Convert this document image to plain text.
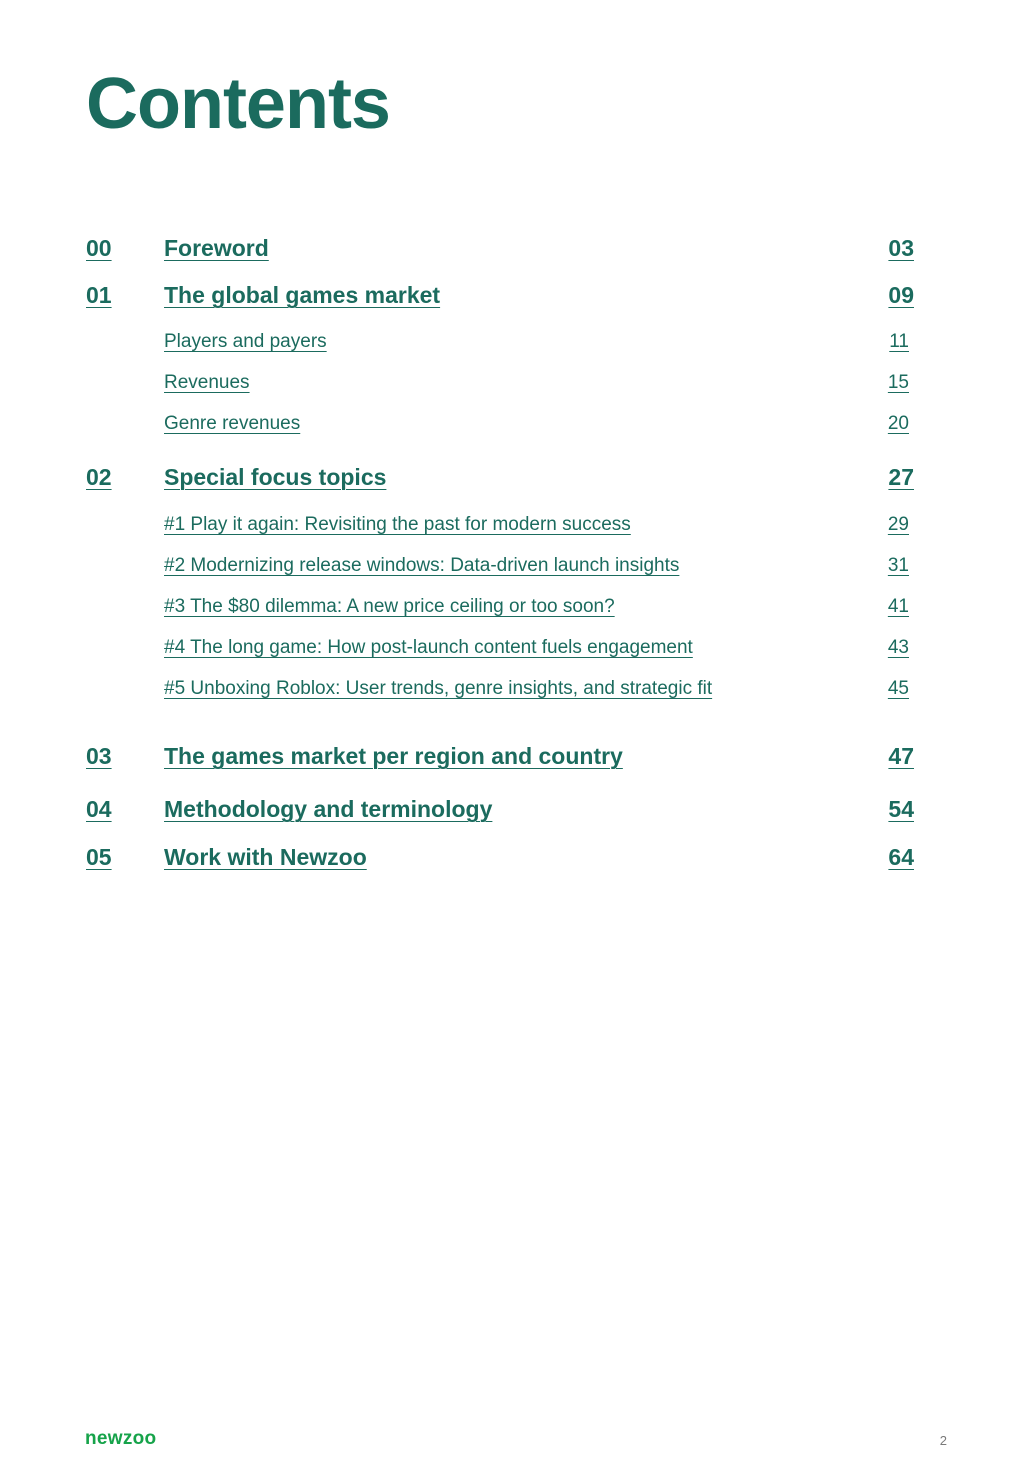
Contents
00 Foreword	03
01 The global games market	09
Players and payers	11
Revenues	15
Genre revenues	20
02 Special focus topics	27
#1 Play it again: Revisiting the past for modern success	29
#2 Modernizing release windows: Data-driven launch insights	31
#3 The $80 dilemma: A new price ceiling or too soon?	41
#4 The long game: How post-launch content fuels engagement	43
#5 Unboxing Roblox: User trends, genre insights, and strategic fit	45
03 The games market per region and country	47
04 Methodology and terminology	54
05 Work with Newzoo	64
newzoo	2
